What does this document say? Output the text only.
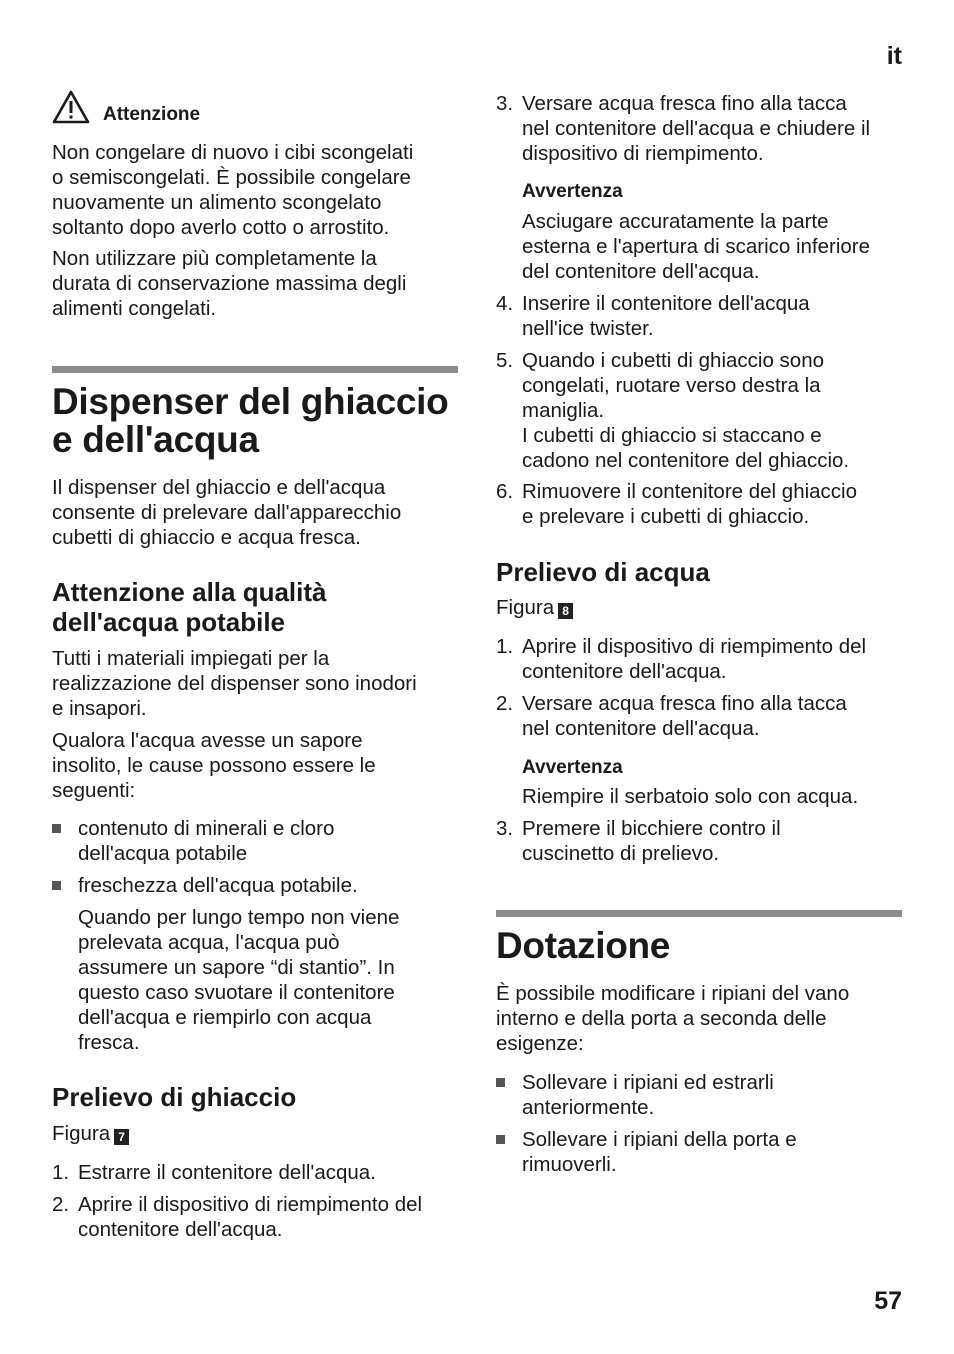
it
57
Attenzione

Non congelare di nuovo i cibi scongelati

o semiscongelati. È possibile congelare

nuovamente un alimento scongelato

soltanto dopo averlo cotto o arrostito.

Non utilizzare più completamente la

durata di conservazione massima degli

alimenti congelati.

Dispenser del ghiaccio

e dell'acqua

Il dispenser del ghiaccio e dell'acqua

consente di prelevare dall'apparecchio

cubetti di ghiaccio e acqua fresca.

Attenzione alla qualità

dell'acqua potabile

Tutti i materiali impiegati per la

realizzazione del dispenser sono inodori

e insapori.

Qualora l'acqua avesse un sapore

insolito, le cause possono essere le

seguenti:

contenuto di minerali e cloro

dell'acqua potabile

freschezza dell'acqua potabile.

Quando per lungo tempo non viene

prelevata acqua, l'acqua può

assumere un sapore “di stantio”. In

questo caso svuotare il contenitore

dell'acqua e riempirlo con acqua

fresca.

Prelievo di ghiaccio
Figura 7
1. Estrarre il contenitore dell'acqua.

2. Aprire il dispositivo di riempimento del

contenitore dell'acqua.

3. Versare acqua fresca fino alla tacca

nel contenitore dell'acqua e chiudere il

dispositivo di riempimento.

Avvertenza

Asciugare accuratamente la parte

esterna e l'apertura di scarico inferiore

del contenitore dell'acqua.

4. Inserire il contenitore dell'acqua

nell'ice twister.

5. Quando i cubetti di ghiaccio sono

congelati, ruotare verso destra la

maniglia.

I cubetti di ghiaccio si staccano e

cadono nel contenitore del ghiaccio.

6. Rimuovere il contenitore del ghiaccio

e prelevare i cubetti di ghiaccio.

Prelievo di acqua
Figura 8
1. Aprire il dispositivo di riempimento del

contenitore dell'acqua.

2. Versare acqua fresca fino alla tacca

nel contenitore dell'acqua.

Avvertenza

Riempire il serbatoio solo con acqua.

3. Premere il bicchiere contro il

cuscinetto di prelievo.

Dotazione

È possibile modificare i ripiani del vano

interno e della porta a seconda delle

esigenze:

Sollevare i ripiani ed estrarli

anteriormente.

Sollevare i ripiani della porta e

rimuoverli.
